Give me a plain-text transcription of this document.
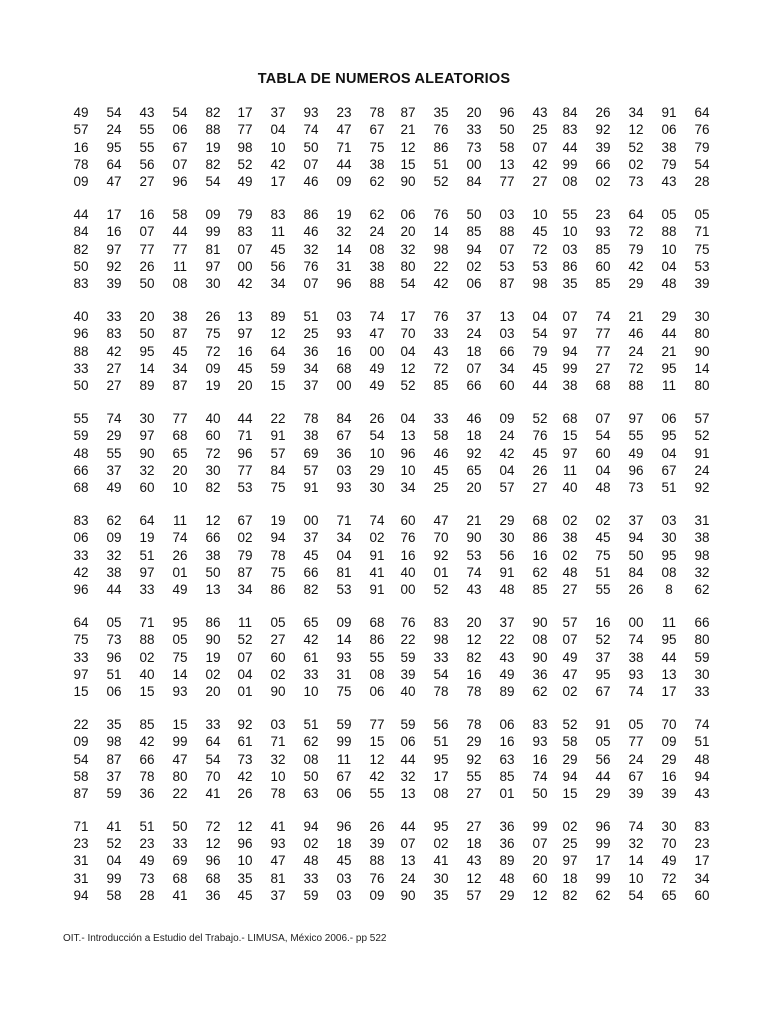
TABLA DE NUMEROS ALEATORIOS
49	54	43	54	82	17	37	93	23	78	87	35	20	96	43	84	26	34	91	64
57	24	55	06	88	77	04	74	47	67	21	76	33	50	25	83	92	12	06	76
16	95	55	67	19	98	10	50	71	75	12	86	73	58	07	44	39	52	38	79
78	64	56	07	82	52	42	07	44	38	15	51	00	13	42	99	66	02	79	54
09	47	27	96	54	49	17	46	09	62	90	52	84	77	27	08	02	73	43	28
44	17	16	58	09	79	83	86	19	62	06	76	50	03	10	55	23	64	05	05
84	16	07	44	99	83	11	46	32	24	20	14	85	88	45	10	93	72	88	71
82	97	77	77	81	07	45	32	14	08	32	98	94	07	72	03	85	79	10	75
50	92	26	11	97	00	56	76	31	38	80	22	02	53	53	86	60	42	04	53
83	39	50	08	30	42	34	07	96	88	54	42	06	87	98	35	85	29	48	39
40	33	20	38	26	13	89	51	03	74	17	76	37	13	04	07	74	21	29	30
96	83	50	87	75	97	12	25	93	47	70	33	24	03	54	97	77	46	44	80
88	42	95	45	72	16	64	36	16	00	04	43	18	66	79	94	77	24	21	90
33	27	14	34	09	45	59	34	68	49	12	72	07	34	45	99	27	72	95	14
50	27	89	87	19	20	15	37	00	49	52	85	66	60	44	38	68	88	11	80
55	74	30	77	40	44	22	78	84	26	04	33	46	09	52	68	07	97	06	57
59	29	97	68	60	71	91	38	67	54	13	58	18	24	76	15	54	55	95	52
48	55	90	65	72	96	57	69	36	10	96	46	92	42	45	97	60	49	04	91
66	37	32	20	30	77	84	57	03	29	10	45	65	04	26	11	04	96	67	24
68	49	60	10	82	53	75	91	93	30	34	25	20	57	27	40	48	73	51	92
83	62	64	11	12	67	19	00	71	74	60	47	21	29	68	02	02	37	03	31
06	09	19	74	66	02	94	37	34	02	76	70	90	30	86	38	45	94	30	38
33	32	51	26	38	79	78	45	04	91	16	92	53	56	16	02	75	50	95	98
42	38	97	01	50	87	75	66	81	41	40	01	74	91	62	48	51	84	08	32
96	44	33	49	13	34	86	82	53	91	00	52	43	48	85	27	55	26	8	62
64	05	71	95	86	11	05	65	09	68	76	83	20	37	90	57	16	00	11	66
75	73	88	05	90	52	27	42	14	86	22	98	12	22	08	07	52	74	95	80
33	96	02	75	19	07	60	61	93	55	59	33	82	43	90	49	37	38	44	59
97	51	40	14	02	04	02	33	31	08	39	54	16	49	36	47	95	93	13	30
15	06	15	93	20	01	90	10	75	06	40	78	78	89	62	02	67	74	17	33
22	35	85	15	33	92	03	51	59	77	59	56	78	06	83	52	91	05	70	74
09	98	42	99	64	61	71	62	99	15	06	51	29	16	93	58	05	77	09	51
54	87	66	47	54	73	32	08	11	12	44	95	92	63	16	29	56	24	29	48
58	37	78	80	70	42	10	50	67	42	32	17	55	85	74	94	44	67	16	94
87	59	36	22	41	26	78	63	06	55	13	08	27	01	50	15	29	39	39	43
71	41	51	50	72	12	41	94	96	26	44	95	27	36	99	02	96	74	30	83
23	52	23	33	12	96	93	02	18	39	07	02	18	36	07	25	99	32	70	23
31	04	49	69	96	10	47	48	45	88	13	41	43	89	20	97	17	14	49	17
31	99	73	68	68	35	81	33	03	76	24	30	12	48	60	18	99	10	72	34
94	58	28	41	36	45	37	59	03	09	90	35	57	29	12	82	62	54	65	60
OIT.- Introducción a Estudio del Trabajo.- LIMUSA, México 2006.- pp 522
